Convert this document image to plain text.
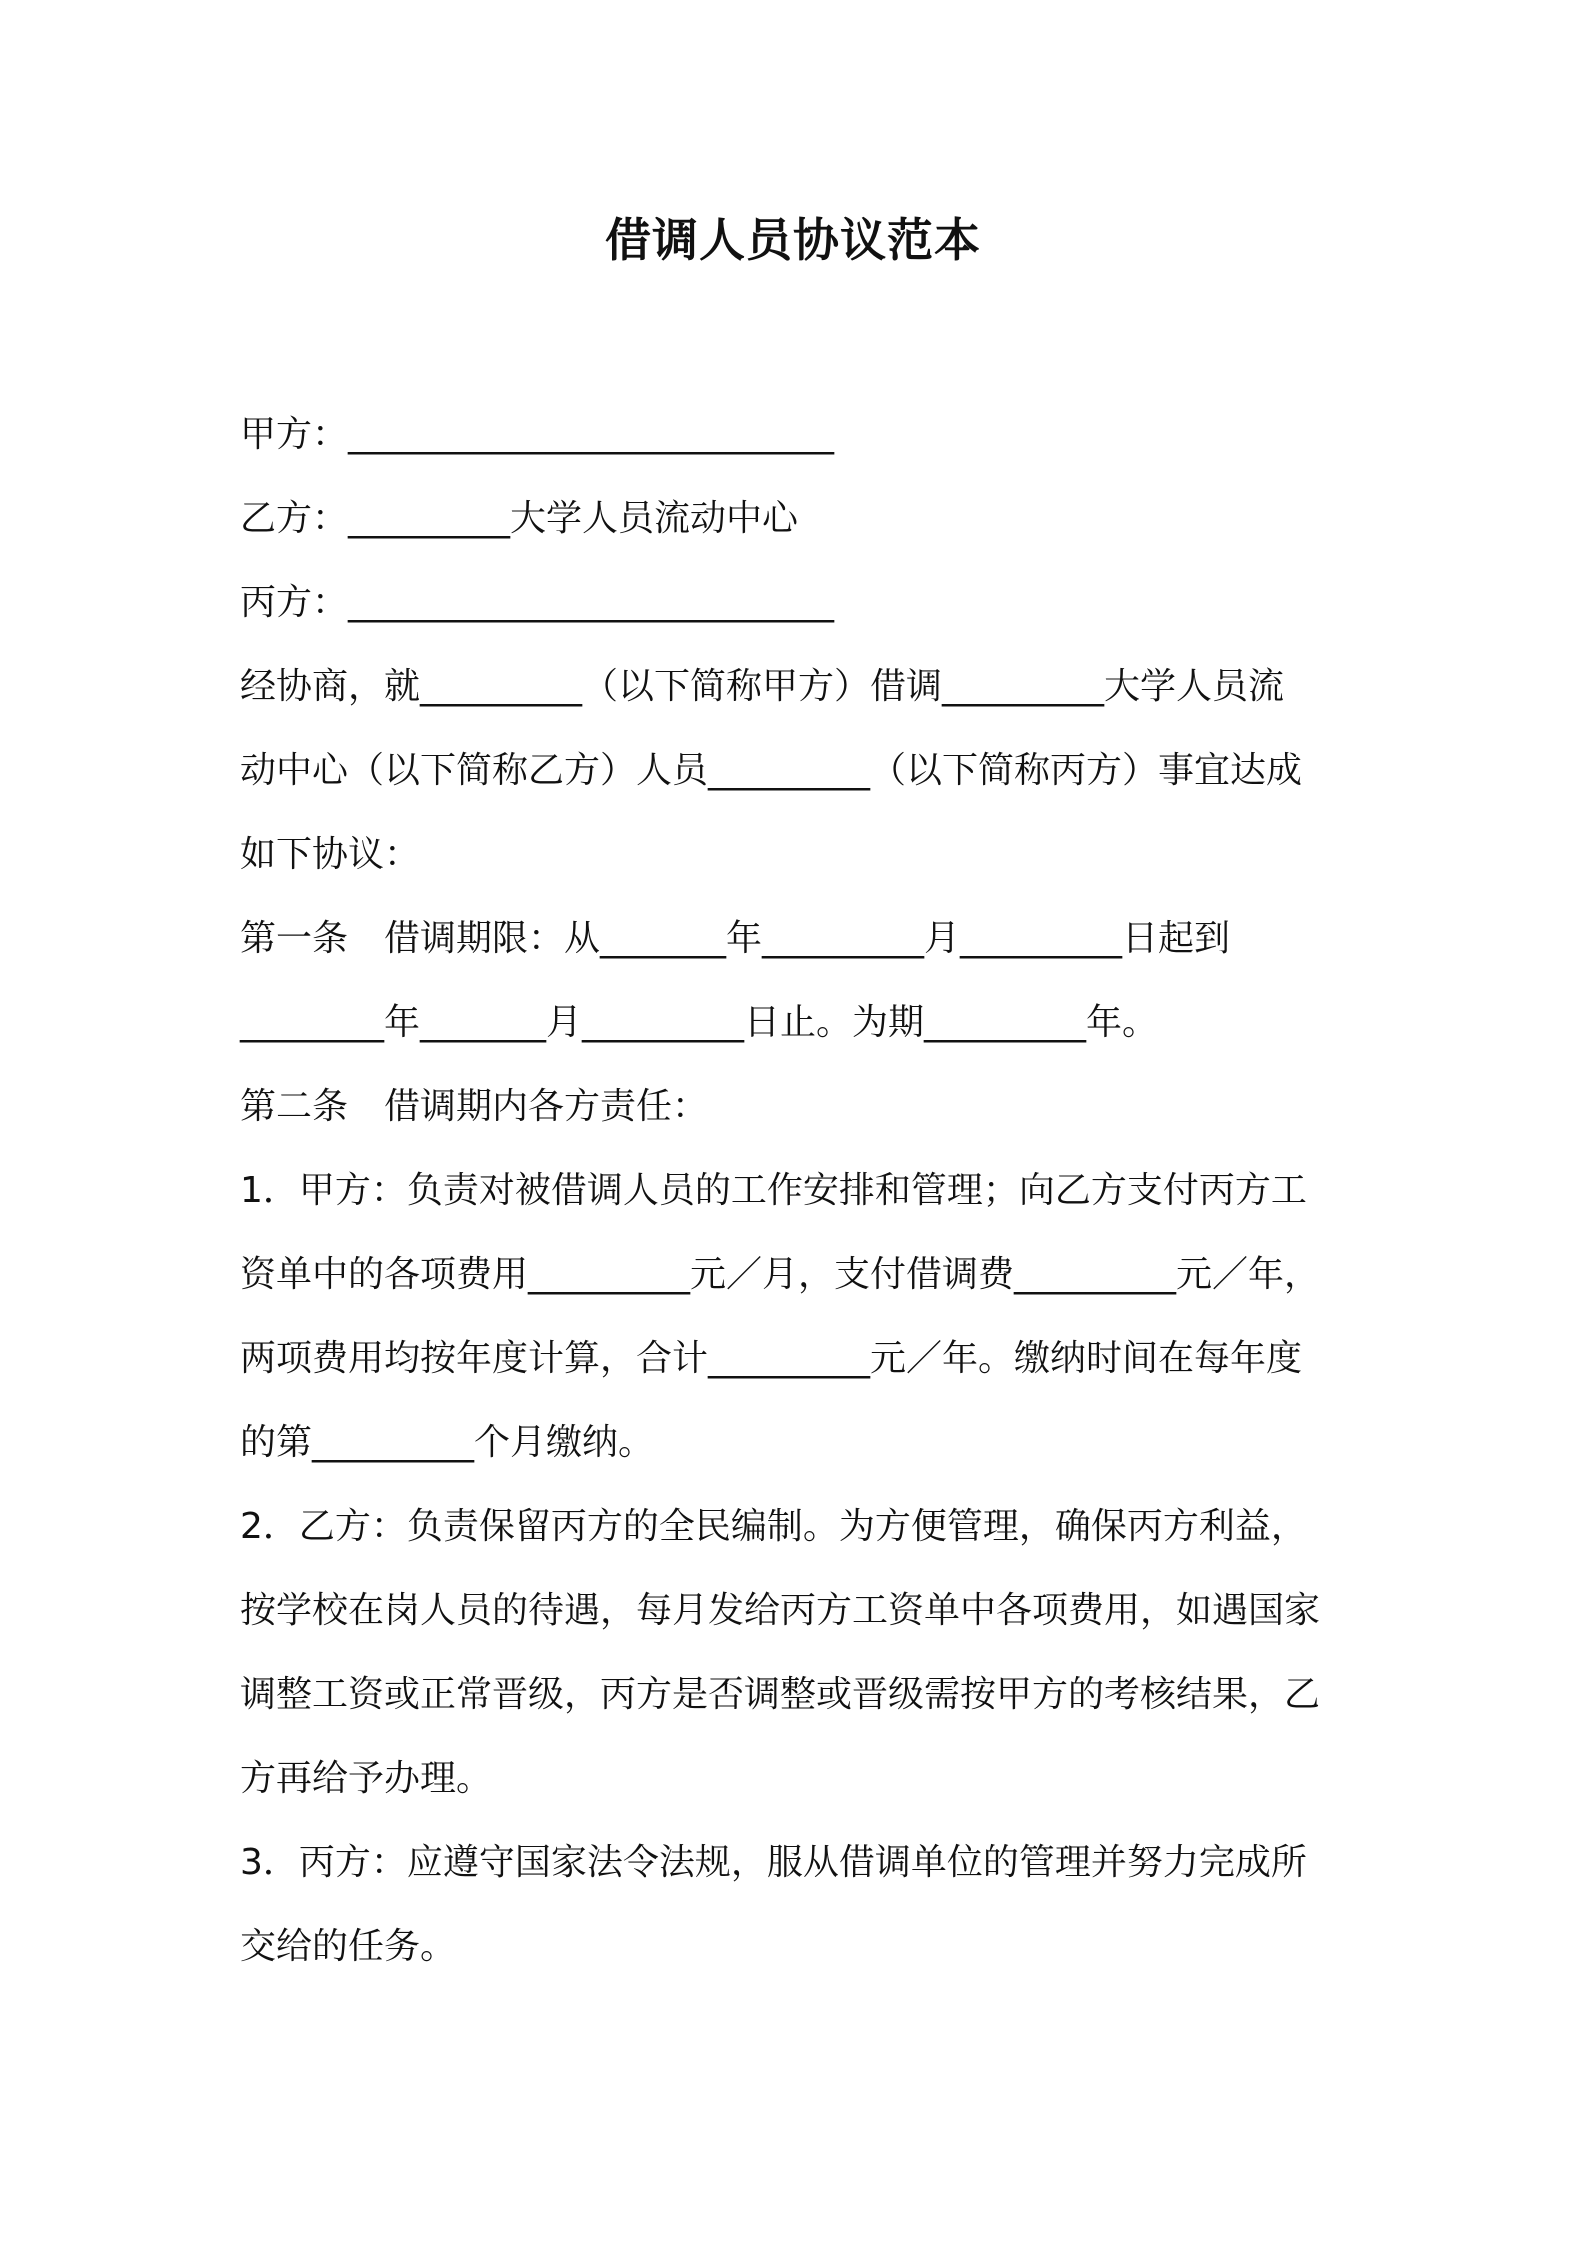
借调人员协议范本
甲方：___________________________
乙方：_________大学人员流动中心
丙方：___________________________
经协商，就_________（以下简称甲方）借调_________大学人员流
动中心（以下简称乙方）人员_________（以下简称丙方）事宜达成
如下协议：
第一条　借调期限：从_______年_________月_________日起到
________年_______月_________日止。为期_________年。
第二条　借调期内各方责任：
1．甲方：负责对被借调人员的工作安排和管理；向乙方支付丙方工
资单中的各项费用_________元／月，支付借调费_________元／年，
两项费用均按年度计算，合计_________元／年。缴纳时间在每年度
的第_________个月缴纳。
2．乙方：负责保留丙方的全民编制。为方便管理，确保丙方利益，
按学校在岗人员的待遇，每月发给丙方工资单中各项费用，如遇国家
调整工资或正常晋级，丙方是否调整或晋级需按甲方的考核结果，乙
方再给予办理。
3．丙方：应遵守国家法令法规，服从借调单位的管理并努力完成所
交给的任务。
